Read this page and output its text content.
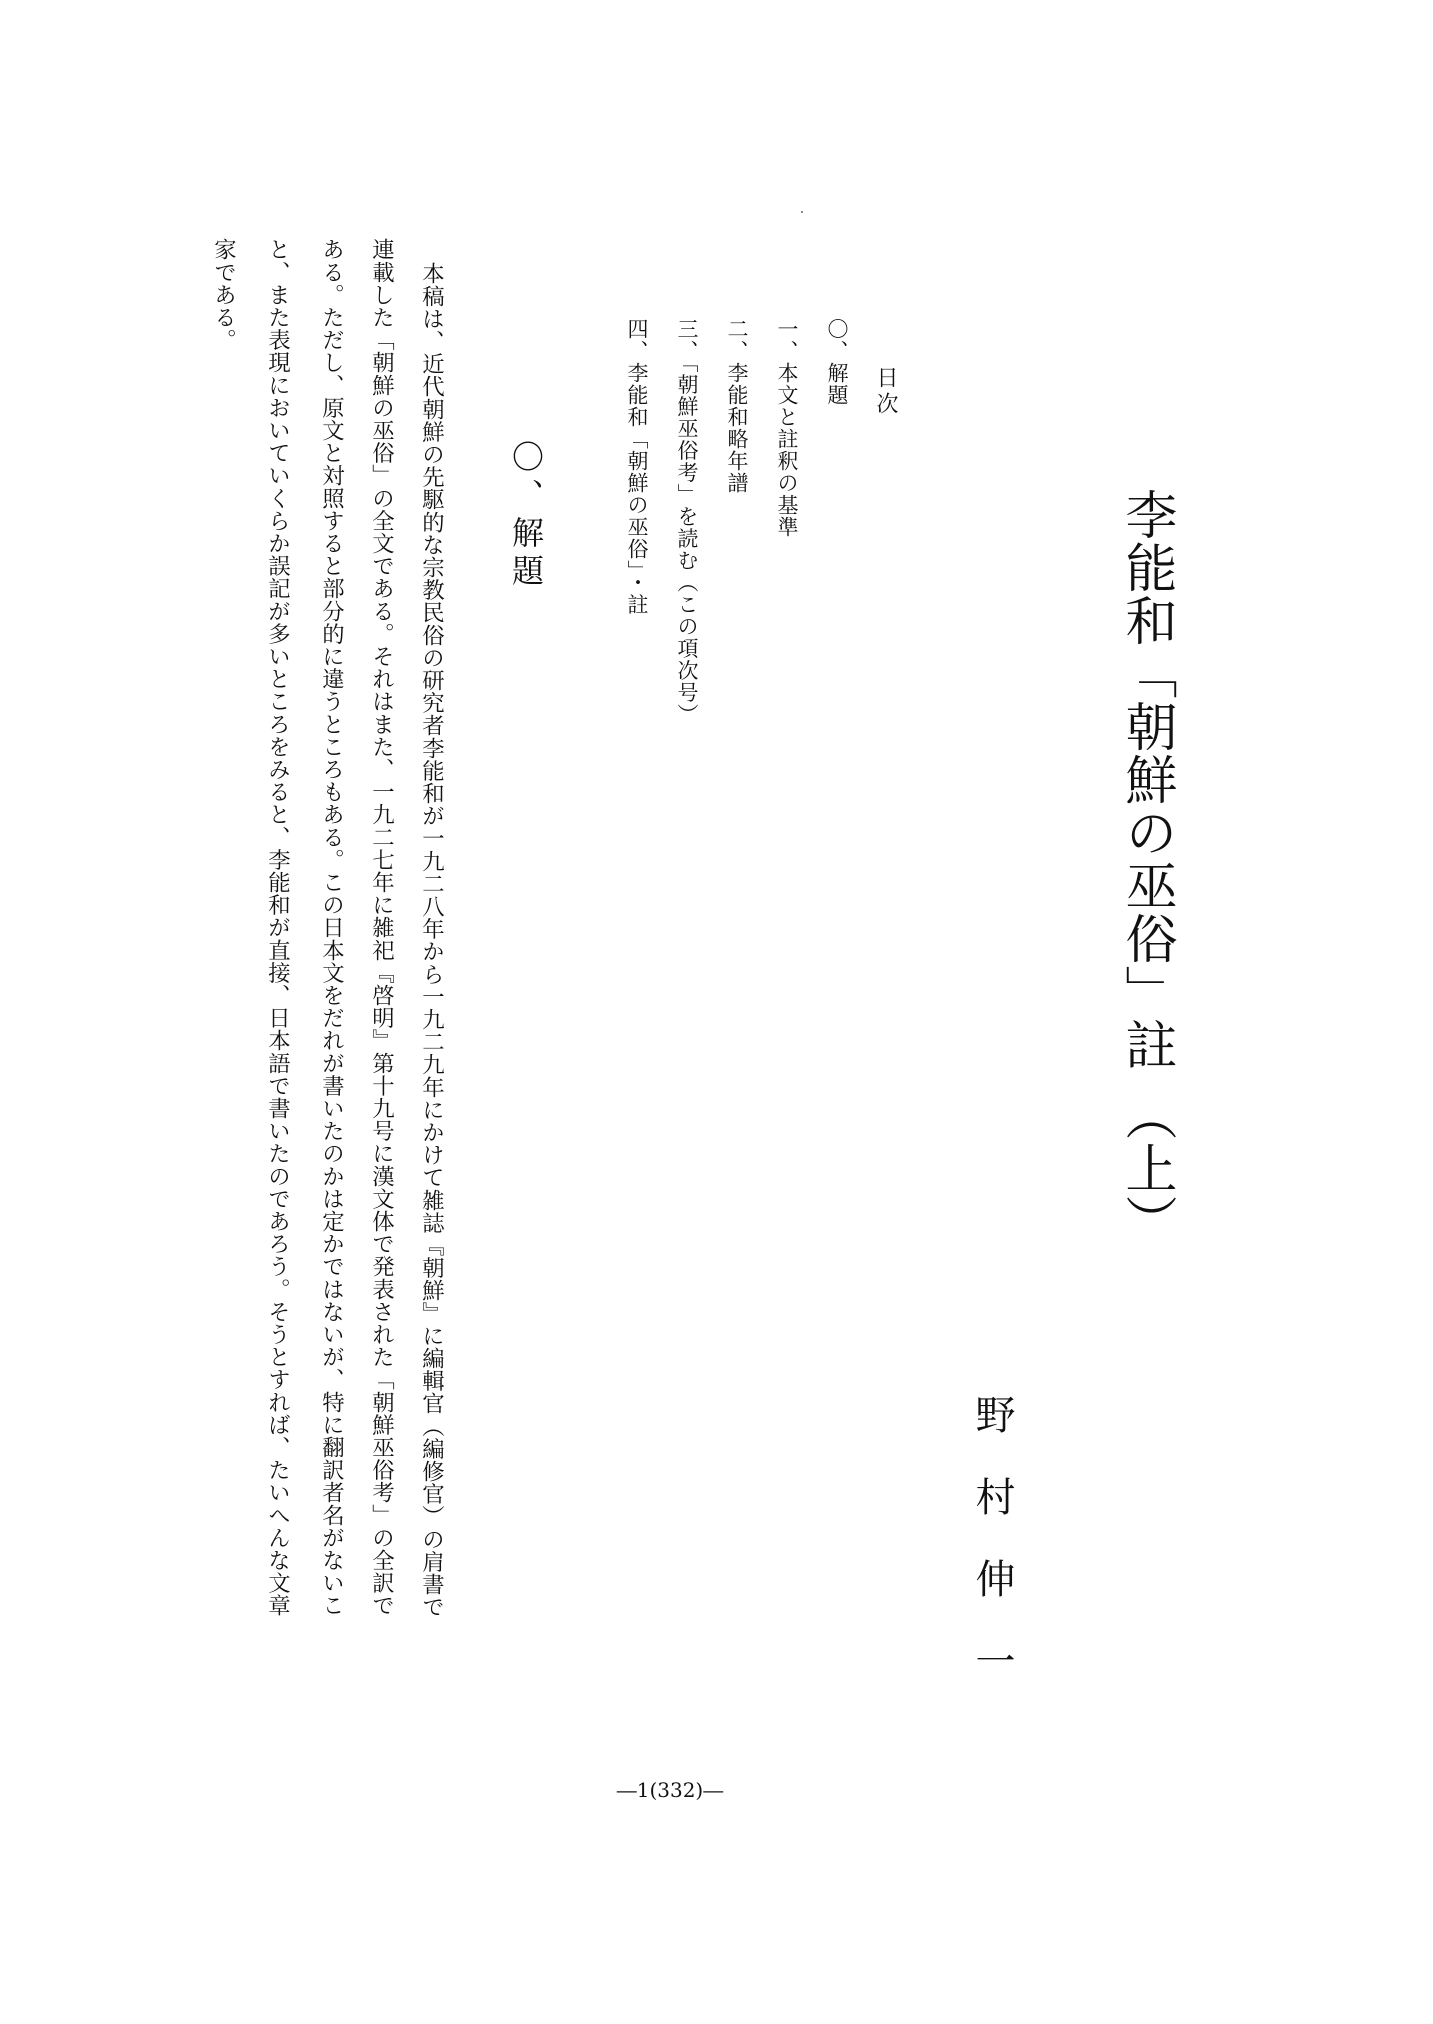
李能和「朝鮮の巫俗」註 （上）
野村伸一
日次
〇、解題
一、本文と註釈の基準
二、李能和略年譜
三、「朝鮮巫俗考」を読む（この項次号）
四、李能和「朝鮮の巫俗」・註
〇、解題
本稿は、近代朝鮮の先駆的な宗教民俗の研究者李能和が一九二八年から一九二九年にかけて雑誌『朝鮮』に編輯官（編修官）の肩書で
連載した「朝鮮の巫俗」の全文である。それはまた、一九二七年に雑祀『啓明』第十九号に漢文体で発表された「朝鮮巫俗考」の全訳で
ある。ただし、原文と対照すると部分的に違うところもある。この日本文をだれが書いたのかは定かではないが、特に翻訳者名がないこ
と、また表現においていくらか誤記が多いところをみると、李能和が直接、日本語で書いたのであろう。そうとすれば、たいへんな文章
家である。
―1(332)―
